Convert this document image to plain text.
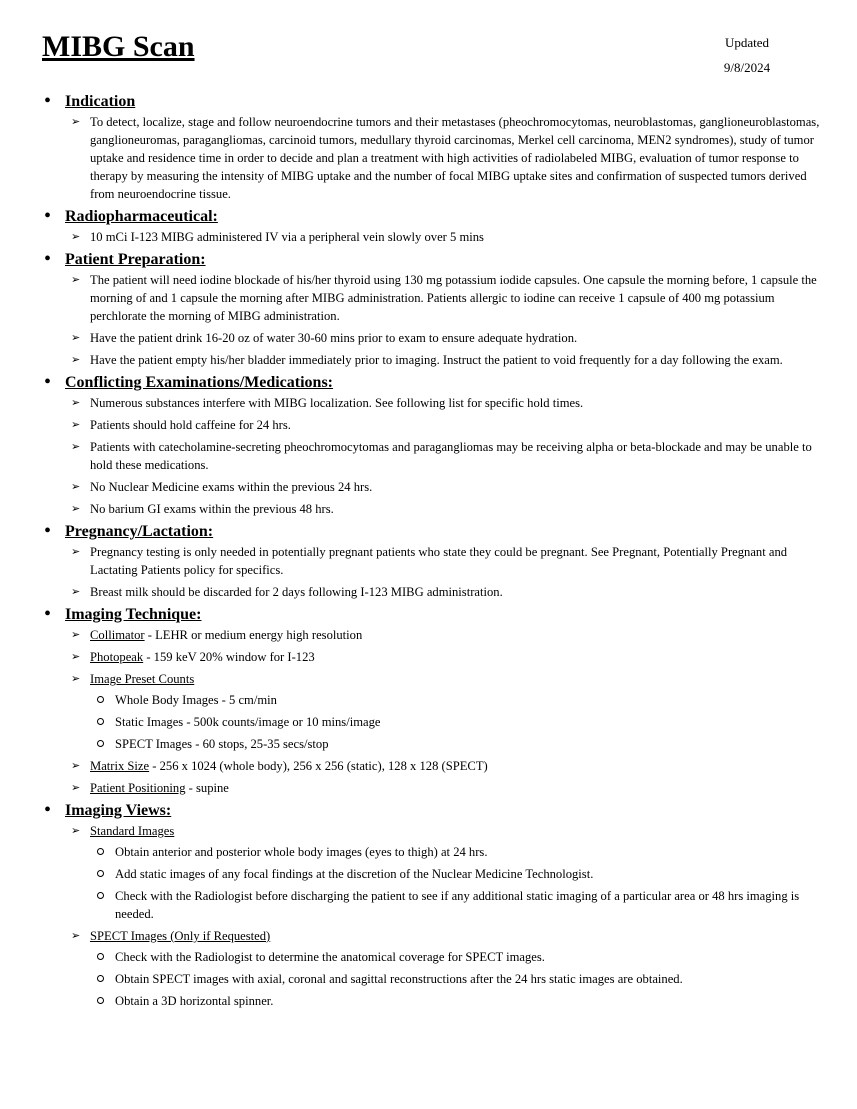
MIBG Scan	Updated
9/8/2024
• Indication
➢ To detect, localize, stage and follow neuroendocrine tumors and their metastases (pheochromocytomas, neuroblastomas, ganglioneuroblastomas, ganglioneuromas, paragangliomas, carcinoid tumors, medullary thyroid carcinomas, Merkel cell carcinoma, MEN2 syndromes), study of tumor uptake and residence time in order to decide and plan a treatment with high activities of radiolabeled MIBG, evaluation of tumor response to therapy by measuring the intensity of MIBG uptake and the number of focal MIBG uptake sites and confirmation of suspected tumors derived from neuroendocrine tissue.
• Radiopharmaceutical:
➢ 10 mCi I-123 MIBG administered IV via a peripheral vein slowly over 5 mins
• Patient Preparation:
➢ The patient will need iodine blockade of his/her thyroid using 130 mg potassium iodide capsules. One capsule the morning before, 1 capsule the morning of and 1 capsule the morning after MIBG administration. Patients allergic to iodine can receive 1 capsule of 400 mg potassium perchlorate the morning of MIBG administration.
➢ Have the patient drink 16-20 oz of water 30-60 mins prior to exam to ensure adequate hydration.
➢ Have the patient empty his/her bladder immediately prior to imaging. Instruct the patient to void frequently for a day following the exam.
• Conflicting Examinations/Medications:
➢ Numerous substances interfere with MIBG localization. See following list for specific hold times.
➢ Patients should hold caffeine for 24 hrs.
➢ Patients with catecholamine-secreting pheochromocytomas and paragangliomas may be receiving alpha or beta-blockade and may be unable to hold these medications.
➢ No Nuclear Medicine exams within the previous 24 hrs.
➢ No barium GI exams within the previous 48 hrs.
• Pregnancy/Lactation:
➢ Pregnancy testing is only needed in potentially pregnant patients who state they could be pregnant. See Pregnant, Potentially Pregnant and Lactating Patients policy for specifics.
➢ Breast milk should be discarded for 2 days following I-123 MIBG administration.
• Imaging Technique:
➢ Collimator - LEHR or medium energy high resolution
➢ Photopeak - 159 keV 20% window for I-123
➢ Image Preset Counts
Whole Body Images - 5 cm/min
Static Images - 500k counts/image or 10 mins/image
SPECT Images - 60 stops, 25-35 secs/stop
➢ Matrix Size - 256 x 1024 (whole body), 256 x 256 (static), 128 x 128 (SPECT)
➢ Patient Positioning - supine
• Imaging Views:
➢ Standard Images
Obtain anterior and posterior whole body images (eyes to thigh) at 24 hrs.
Add static images of any focal findings at the discretion of the Nuclear Medicine Technologist.
Check with the Radiologist before discharging the patient to see if any additional static imaging of a particular area or 48 hrs imaging is needed.
➢ SPECT Images (Only if Requested)
Check with the Radiologist to determine the anatomical coverage for SPECT images.
Obtain SPECT images with axial, coronal and sagittal reconstructions after the 24 hrs static images are obtained.
Obtain a 3D horizontal spinner.
